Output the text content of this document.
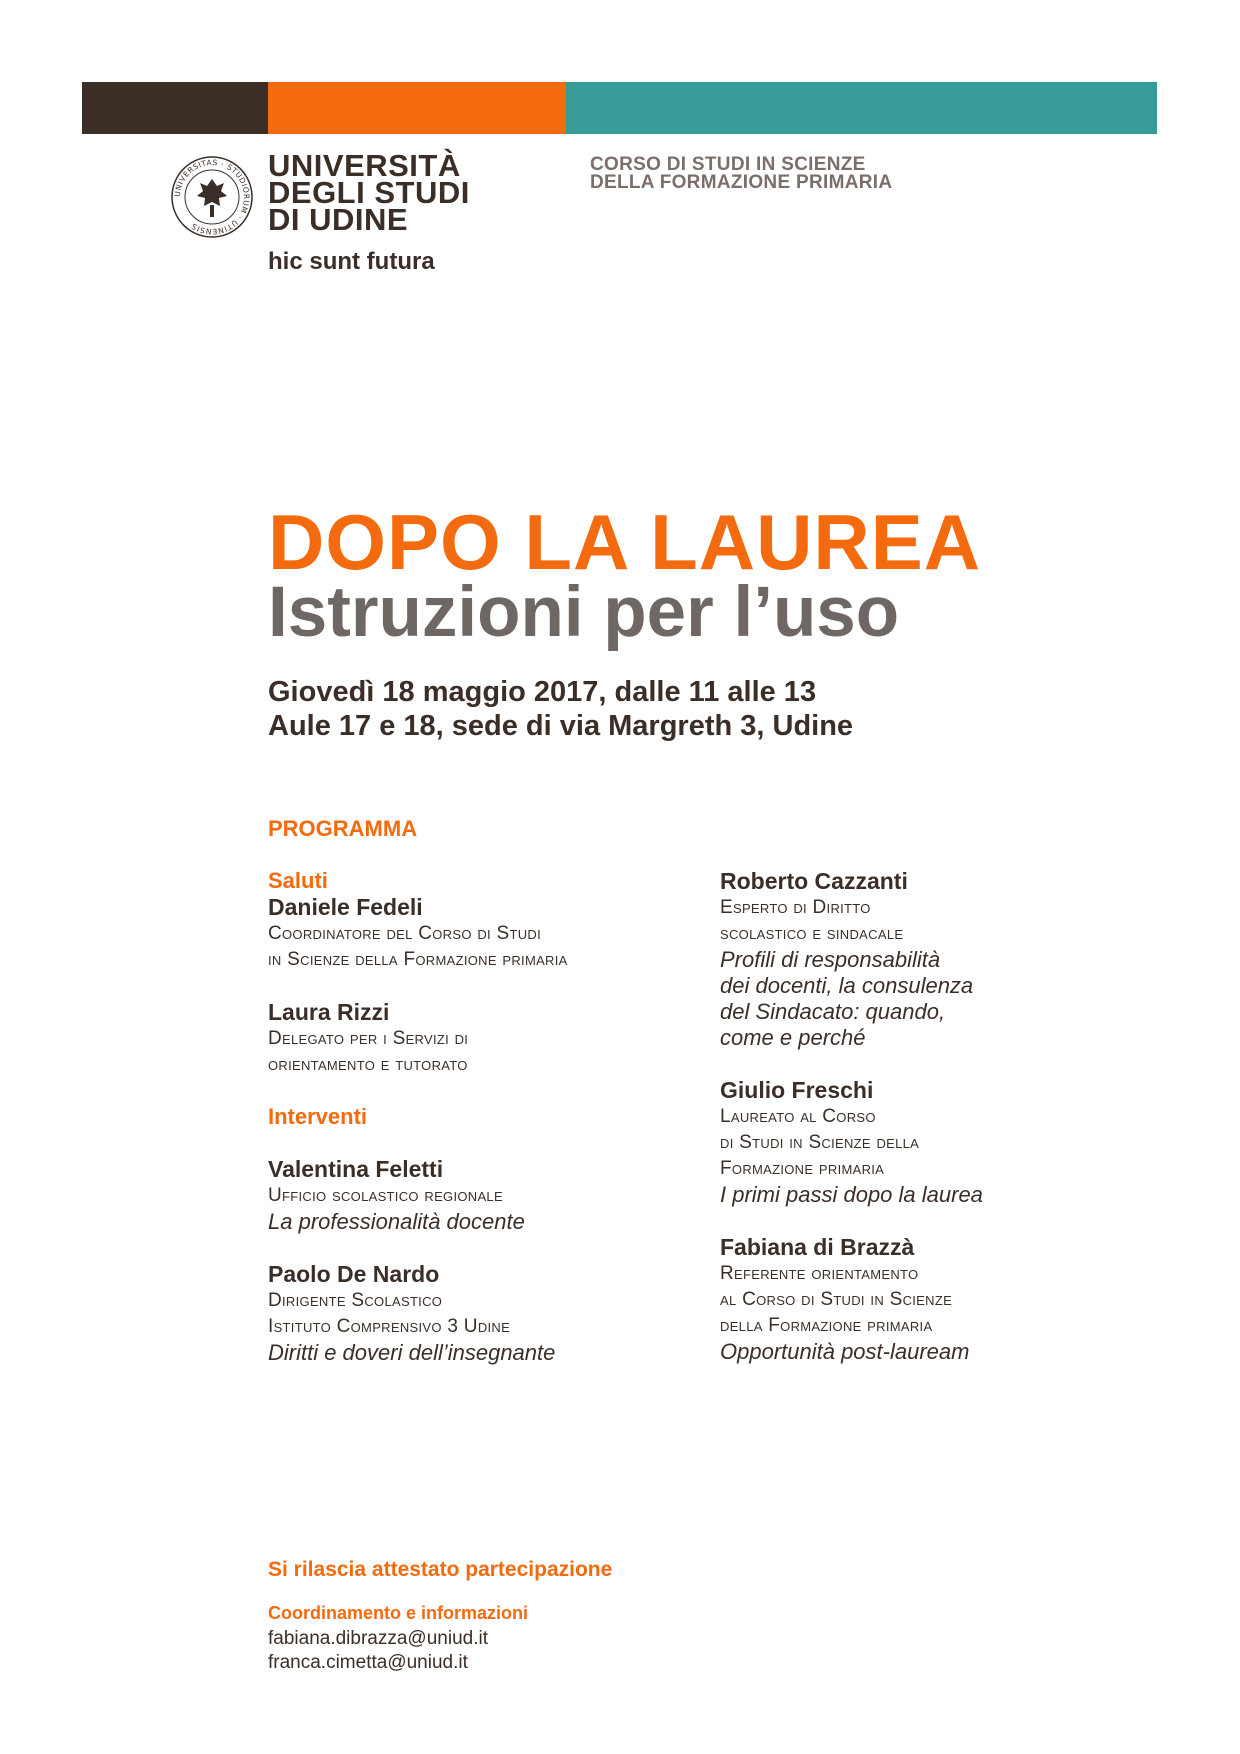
UNIVERSITAS · STUDIORUM · UTINENSIS
UNIVERSITÀ
DEGLI STUDI
DI UDINE
hic sunt futura
CORSO DI STUDI IN SCIENZE
DELLA FORMAZIONE PRIMARIA
DOPO LA LAUREA
Istruzioni per l’uso
Giovedì 18 maggio 2017, dalle 11 alle 13
Aule 17 e 18, sede di via Margreth 3, Udine
PROGRAMMA
Saluti
Daniele Fedeli
Coordinatore del Corso di Studi
in Scienze della Formazione primaria
Laura Rizzi
Delegato per i Servizi di
orientamento e tutorato
Interventi
Valentina Feletti
Ufficio scolastico regionale
La professionalità docente
Paolo De Nardo
Dirigente Scolastico
Istituto Comprensivo 3 Udine
Diritti e doveri dell’insegnante
Roberto Cazzanti
Esperto di Diritto
scolastico e sindacale
Profili di responsabilità
dei docenti, la consulenza
del Sindacato: quando,
come e perché
Giulio Freschi
Laureato al Corso
di Studi in Scienze della
Formazione primaria
I primi passi dopo la laurea
Fabiana di Brazzà
Referente orientamento
al Corso di Studi in Scienze
della Formazione primaria
Opportunità post-lauream
Si rilascia attestato partecipazione
Coordinamento e informazioni
fabiana.dibrazza@uniud.it
franca.cimetta@uniud.it
